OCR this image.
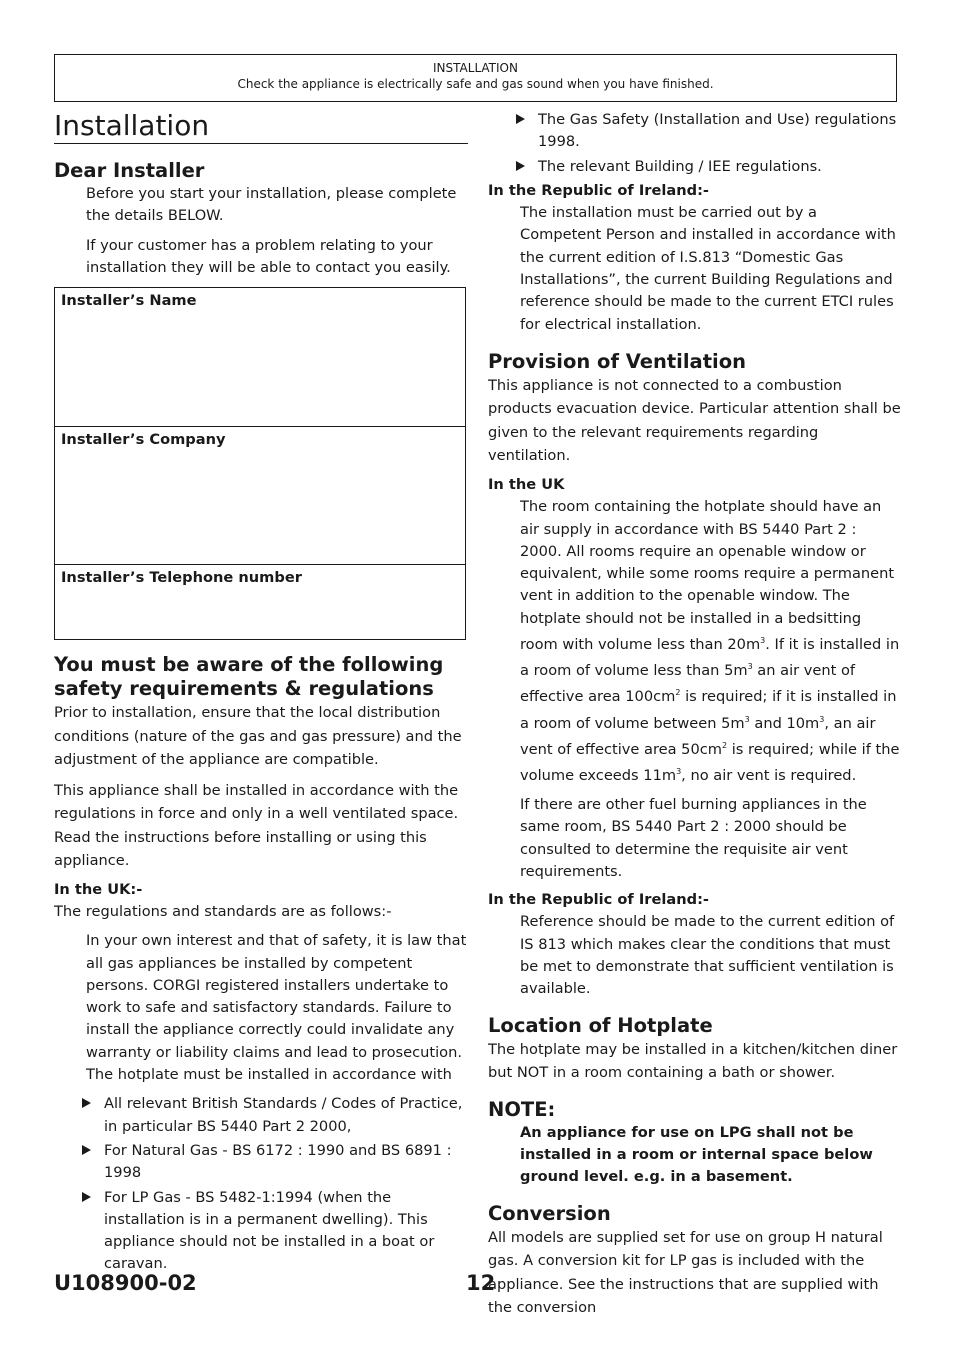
INSTALLATION
Check the appliance is electrically safe and gas sound when you have finished.
Installation
Dear Installer

Before you start your installation, please complete the details BELOW.

If your customer has a problem relating to your installation they will be able to contact you easily.

Installer’s Name
Installer’s Company
Installer’s Telephone number
You must be aware of the following safety requirements & regulations

Prior to installation, ensure that the local distribution conditions (nature of the gas and gas pressure) and the adjustment of the appliance are compatible.

This appliance shall be installed in accordance with the regulations in force and only in a well ventilated space. Read the instructions before installing or using this appliance.

In the UK:-

The regulations and standards are as follows:-

In your own interest and that of safety, it is law that all gas appliances be installed by competent persons. CORGI registered installers undertake to work to safe and satisfactory standards. Failure to install the appliance correctly could invalidate any warranty or liability claims and lead to prosecution. The hotplate must be installed in accordance with

All relevant British Standards / Codes of Practice, in particular BS 5440 Part 2 2000,
For Natural Gas - BS 6172 : 1990 and BS 6891 : 1998
For LP Gas - BS 5482-1:1994 (when the installation is in a permanent dwelling). This appliance should not be installed in a boat or caravan.
The Gas Safety (Installation and Use) regulations 1998.
The relevant Building / IEE regulations.

In the Republic of Ireland:-

The installation must be carried out by a Competent Person and installed in accordance with the current edition of I.S.813 “Domestic Gas Installations”, the current Building Regulations and reference should be made to the current ETCI rules for electrical installation.

Provision of Ventilation

This appliance is not connected to a combustion products evacuation device. Particular attention shall be given to the relevant requirements regarding ventilation.

In the UK

The room containing the hotplate should have an air supply in accordance with BS 5440 Part 2 : 2000. All rooms require an openable window or equivalent, while some rooms require a permanent vent in addition to the openable window. The hotplate should not be installed in a bedsitting room with volume less than $20m^3$. If it is installed in a room of volume less than $5m^3$ an air vent of effective area $100cm^2$ is required; if it is installed in a room of volume between $5m^3$ and $10m^3$, an air vent of effective area $50cm^2$ is required; while if the volume exceeds $11m^3$, no air vent is required.

If there are other fuel burning appliances in the same room, BS 5440 Part 2 : 2000 should be consulted to determine the requisite air vent requirements.

In the Republic of Ireland:-

Reference should be made to the current edition of IS 813 which makes clear the conditions that must be met to demonstrate that sufficient ventilation is available.

Location of Hotplate

The hotplate may be installed in a kitchen/kitchen diner but NOT in a room containing a bath or shower.

NOTE:

An appliance for use on LPG shall not be installed in a room or internal space below ground level. e.g. in a basement.

Conversion

All models are supplied set for use on group H natural gas. A conversion kit for LP gas is included with the appliance. See the instructions that are supplied with the conversion

U108900-02	12
